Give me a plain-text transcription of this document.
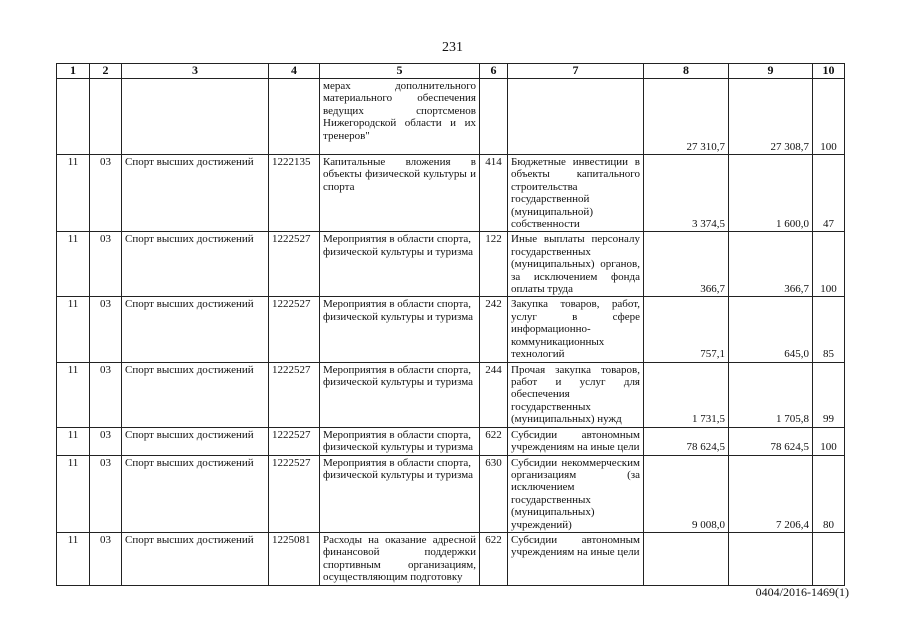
231
1	2	3	4	5	6	7	8	9	10
				мерах дополнительного материального обеспечения ведущих спортсменов Нижегородской области и их тренеров"			27 310,7	27 308,7	100
11	03	Спорт высших достижений	1222135	Капитальные вложения в объекты физической культуры и спорта	414	Бюджетные инвестиции в объекты капитального строительства государственной (муниципальной) собственности	3 374,5	1 600,0	47
11	03	Спорт высших достижений	1222527	Мероприятия в области спорта, физической культуры и туризма	122	Иные выплаты персоналу государственных (муниципальных) органов, за исключением фонда оплаты труда	366,7	366,7	100
11	03	Спорт высших достижений	1222527	Мероприятия в области спорта, физической культуры и туризма	242	Закупка товаров, работ, услуг в сфере информационно-коммуникационных технологий	757,1	645,0	85
11	03	Спорт высших достижений	1222527	Мероприятия в области спорта, физической культуры и туризма	244	Прочая закупка товаров, работ и услуг для обеспечения государственных (муниципальных) нужд	1 731,5	1 705,8	99
11	03	Спорт высших достижений	1222527	Мероприятия в области спорта, физической культуры и туризма	622	Субсидии автономным учреждениям на иные цели	78 624,5	78 624,5	100
11	03	Спорт высших достижений	1222527	Мероприятия в области спорта, физической культуры и туризма	630	Субсидии некоммерческим организациям (за исключением государственных (муниципальных) учреждений)	9 008,0	7 206,4	80
11	03	Спорт высших достижений	1225081	Расходы на оказание адресной финансовой поддержки спортивным организациям, осуществляющим подготовку	622	Субсидии автономным учреждениям на иные цели			
0404/2016-1469(1)
